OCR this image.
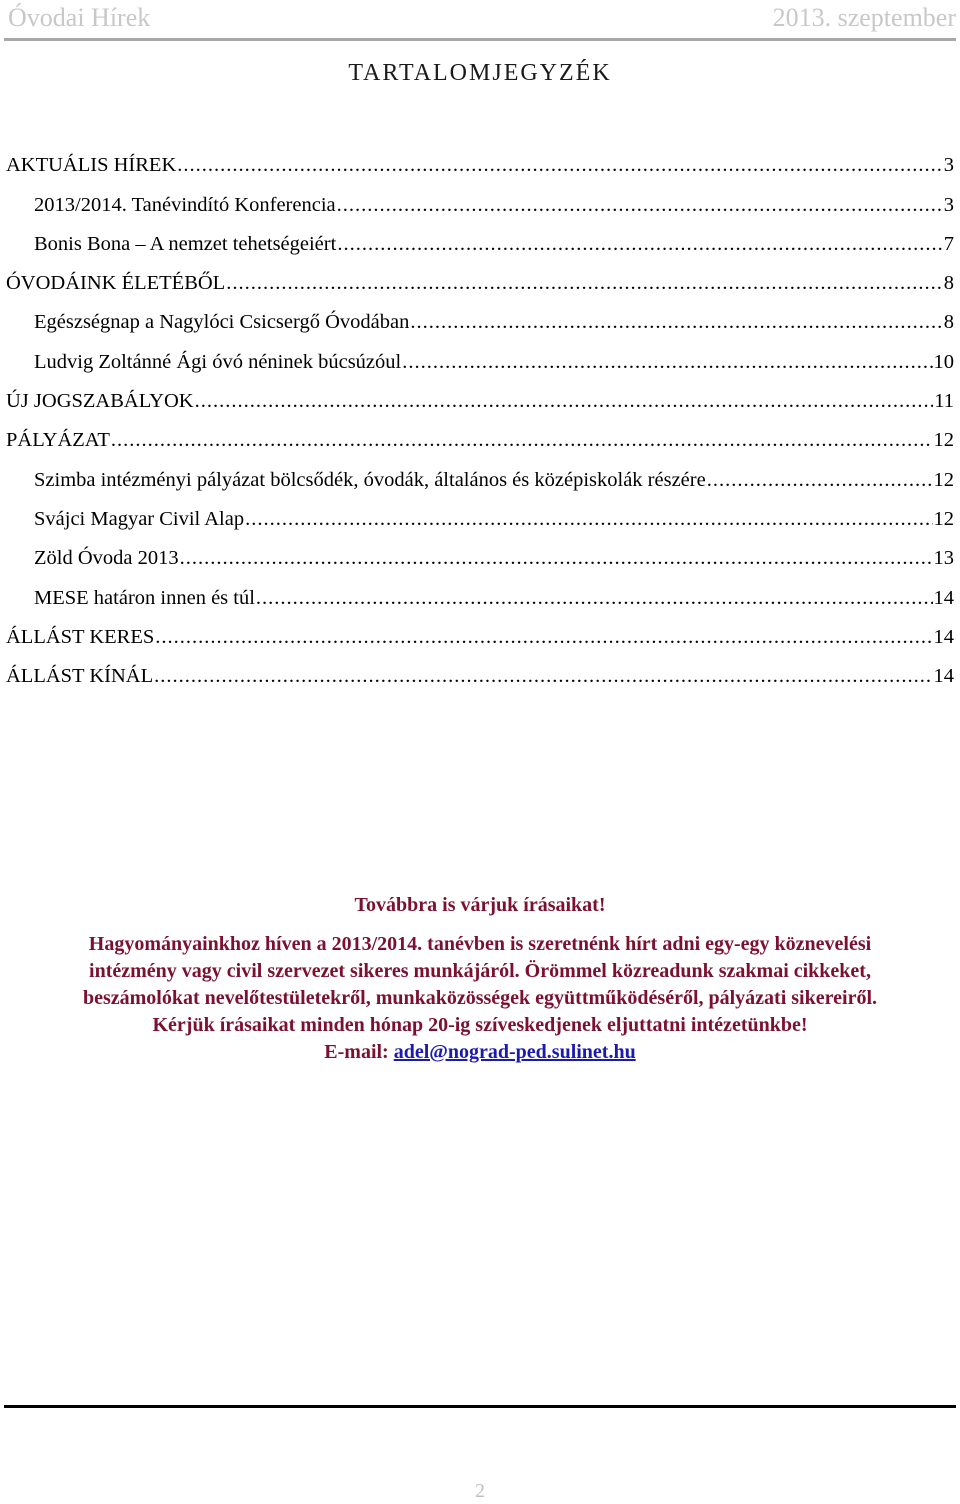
Óvodai Hírek	2013. szeptember
TARTALOMJEGYZÉK
AKTUÁLIS HÍREK .....	3
2013/2014. Tanévindító Konferencia .....	3
Bonis Bona – A nemzet tehetségeiért .....	7
ÓVODÁINK ÉLETÉBŐL .....	8
Egészségnap a Nagylóci Csicsergő Óvodában .....	8
Ludvig Zoltánné Ági óvó néninek búcsúzóul .....	10
ÚJ JOGSZABÁLYOK .....	11
PÁLYÁZAT .....	12
Szimba intézményi pályázat bölcsődék, óvodák, általános és középiskolák részére .....	12
Svájci Magyar Civil Alap .....	12
Zöld Óvoda 2013 .....	13
MESE határon innen és túl .....	14
ÁLLÁST KERES .....	14
ÁLLÁST KÍNÁL .....	14
Továbbra is várjuk írásaikat!
Hagyományainkhoz híven a 2013/2014. tanévben is szeretnénk hírt adni egy-egy köznevelési
intézmény vagy civil szervezet sikeres munkájáról. Örömmel közreadunk szakmai cikkeket,
beszámolókat nevelőtestületekről, munkaközösségek együttműködéséről, pályázati sikereiről.
Kérjük írásaikat minden hónap 20-ig szíveskedjenek eljuttatni intézetünkbe!
E-mail: adel@nograd-ped.sulinet.hu
2
